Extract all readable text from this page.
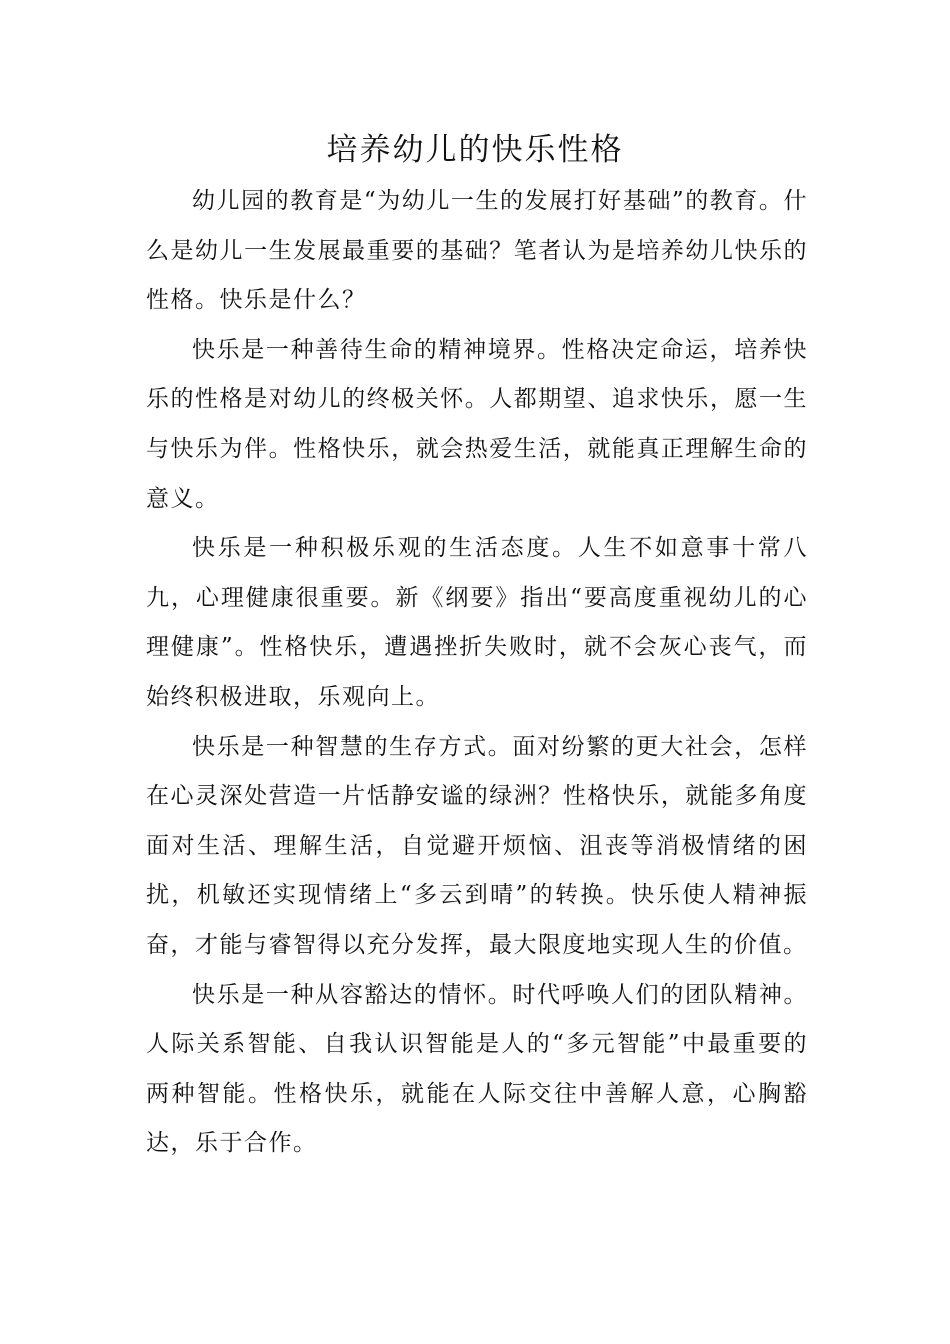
培养幼儿的快乐性格

幼儿园的教育是“为幼儿一生的发展打好基础”的教育。什么是幼儿一生发展最重要的基础？笔者认为是培养幼儿快乐的性格。快乐是什么？

快乐是一种善待生命的精神境界。性格决定命运，培养快乐的性格是对幼儿的终极关怀。人都期望、追求快乐，愿一生与快乐为伴。性格快乐，就会热爱生活，就能真正理解生命的意义。

快乐是一种积极乐观的生活态度。人生不如意事十常八九，心理健康很重要。新《纲要》指出“要高度重视幼儿的心理健康”。性格快乐，遭遇挫折失败时，就不会灰心丧气，而始终积极进取，乐观向上。

快乐是一种智慧的生存方式。面对纷繁的更大社会，怎样在心灵深处营造一片恬静安谧的绿洲？性格快乐，就能多角度面对生活、理解生活，自觉避开烦恼、沮丧等消极情绪的困扰，机敏还实现情绪上“多云到晴”的转换。快乐使人精神振奋，才能与睿智得以充分发挥，最大限度地实现人生的价值。

快乐是一种从容豁达的情怀。时代呼唤人们的团队精神。人际关系智能、自我认识智能是人的“多元智能”中最重要的两种智能。性格快乐，就能在人际交往中善解人意，心胸豁达，乐于合作。
